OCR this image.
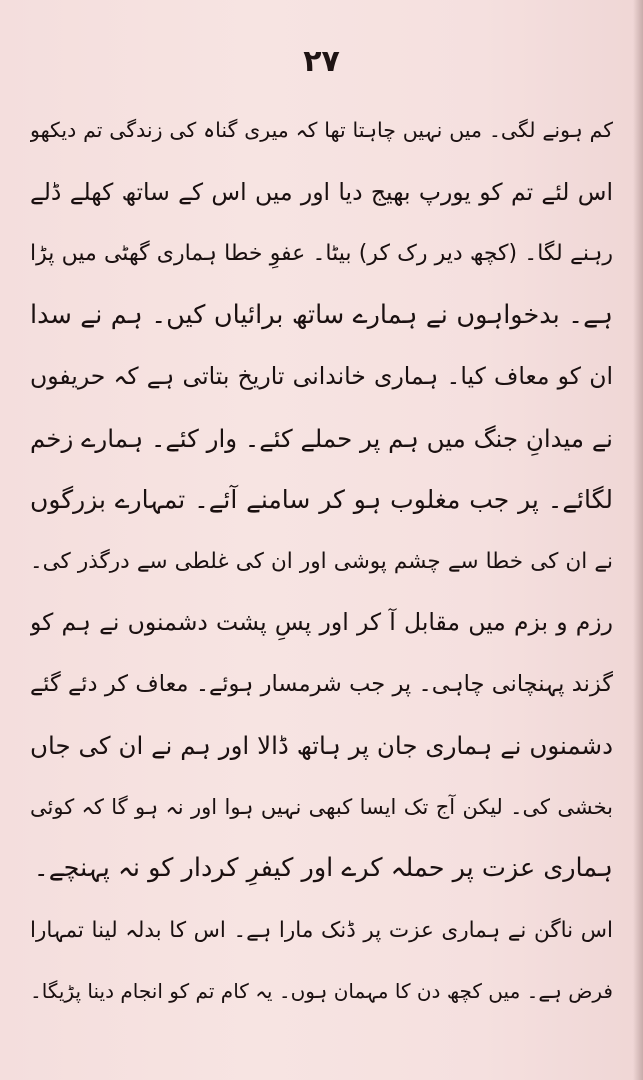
۲۷
کم ہونے لگی۔ میں نہیں چاہتا تھا کہ میری گناہ کی زندگی تم دیکھو
اس لئے تم کو یورپ بھیج دیا اور میں اس کے ساتھ کھلے ڈلے
رہنے لگا۔ (کچھ دیر رک کر) بیٹا۔ عفوِ خطا ہماری گھٹی میں پڑا
ہے۔ بدخواہوں نے ہمارے ساتھ برائیاں کیں۔ ہم نے سدا
ان کو معاف کیا۔ ہماری خاندانی تاریخ بتاتی ہے کہ حریفوں
نے میدانِ جنگ میں ہم پر حملے کئے۔ وار کئے۔ ہمارے زخم
لگائے۔ پر جب مغلوب ہو کر سامنے آئے۔ تمہارے بزرگوں
نے ان کی خطا سے چشم پوشی اور ان کی غلطی سے درگذر کی۔
رزم و بزم میں مقابل آ کر اور پسِ پشت دشمنوں نے ہم کو
گزند پہنچانی چاہی۔ پر جب شرمسار ہوئے۔ معاف کر دئے گئے
دشمنوں نے ہماری جان پر ہاتھ ڈالا اور ہم نے ان کی جاں
بخشی کی۔ لیکن آج تک ایسا کبھی نہیں ہوا اور نہ ہو گا کہ کوئی
ہماری عزت پر حملہ کرے اور کیفرِ کردار کو نہ پہنچے۔
اس ناگن نے ہماری عزت پر ڈنک مارا ہے۔ اس کا بدلہ لینا تمہارا
فرض ہے۔ میں کچھ دن کا مہمان ہوں۔ یہ کام تم کو انجام دینا پڑیگا۔
